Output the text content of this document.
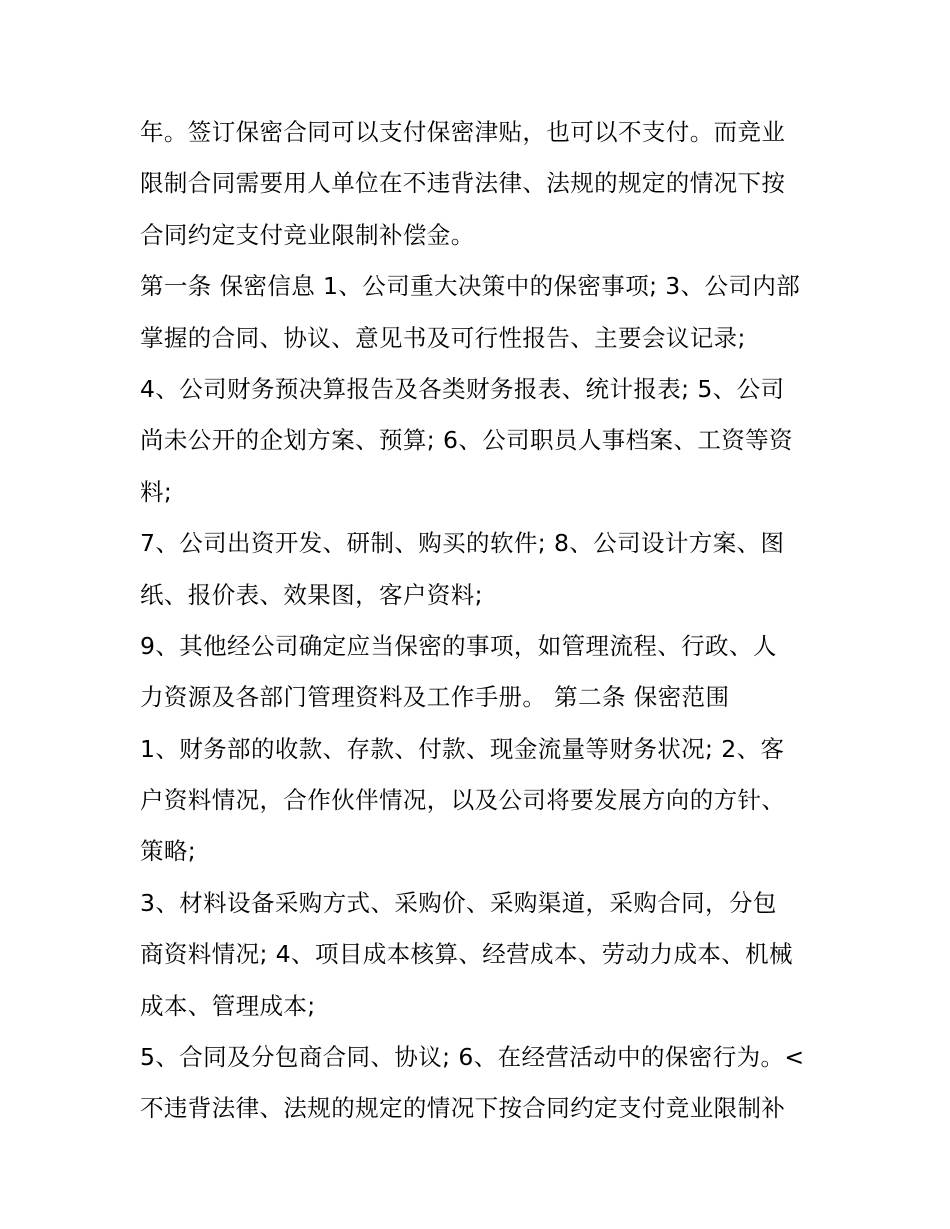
年。签订保密合同可以支付保密津贴，也可以不支付。而竞业
限制合同需要用人单位在不违背法律、法规的规定的情况下按
合同约定支付竞业限制补偿金。
第一条 保密信息 1、公司重大决策中的保密事项; 3、公司内部
掌握的合同、协议、意见书及可行性报告、主要会议记录;
4、公司财务预决算报告及各类财务报表、统计报表; 5、公司
尚未公开的企划方案、预算; 6、公司职员人事档案、工资等资
料;
7、公司出资开发、研制、购买的软件; 8、公司设计方案、图
纸、报价表、效果图，客户资料;
9、其他经公司确定应当保密的事项，如管理流程、行政、人
力资源及各部门管理资料及工作手册。 第二条 保密范围
1、财务部的收款、存款、付款、现金流量等财务状况; 2、客
户资料情况，合作伙伴情况，以及公司将要发展方向的方针、
策略;
3、材料设备采购方式、采购价、采购渠道，采购合同，分包
商资料情况; 4、项目成本核算、经营成本、劳动力成本、机械
成本、管理成本;
5、合同及分包商合同、协议; 6、在经营活动中的保密行为。<
不违背法律、法规的规定的情况下按合同约定支付竞业限制补
